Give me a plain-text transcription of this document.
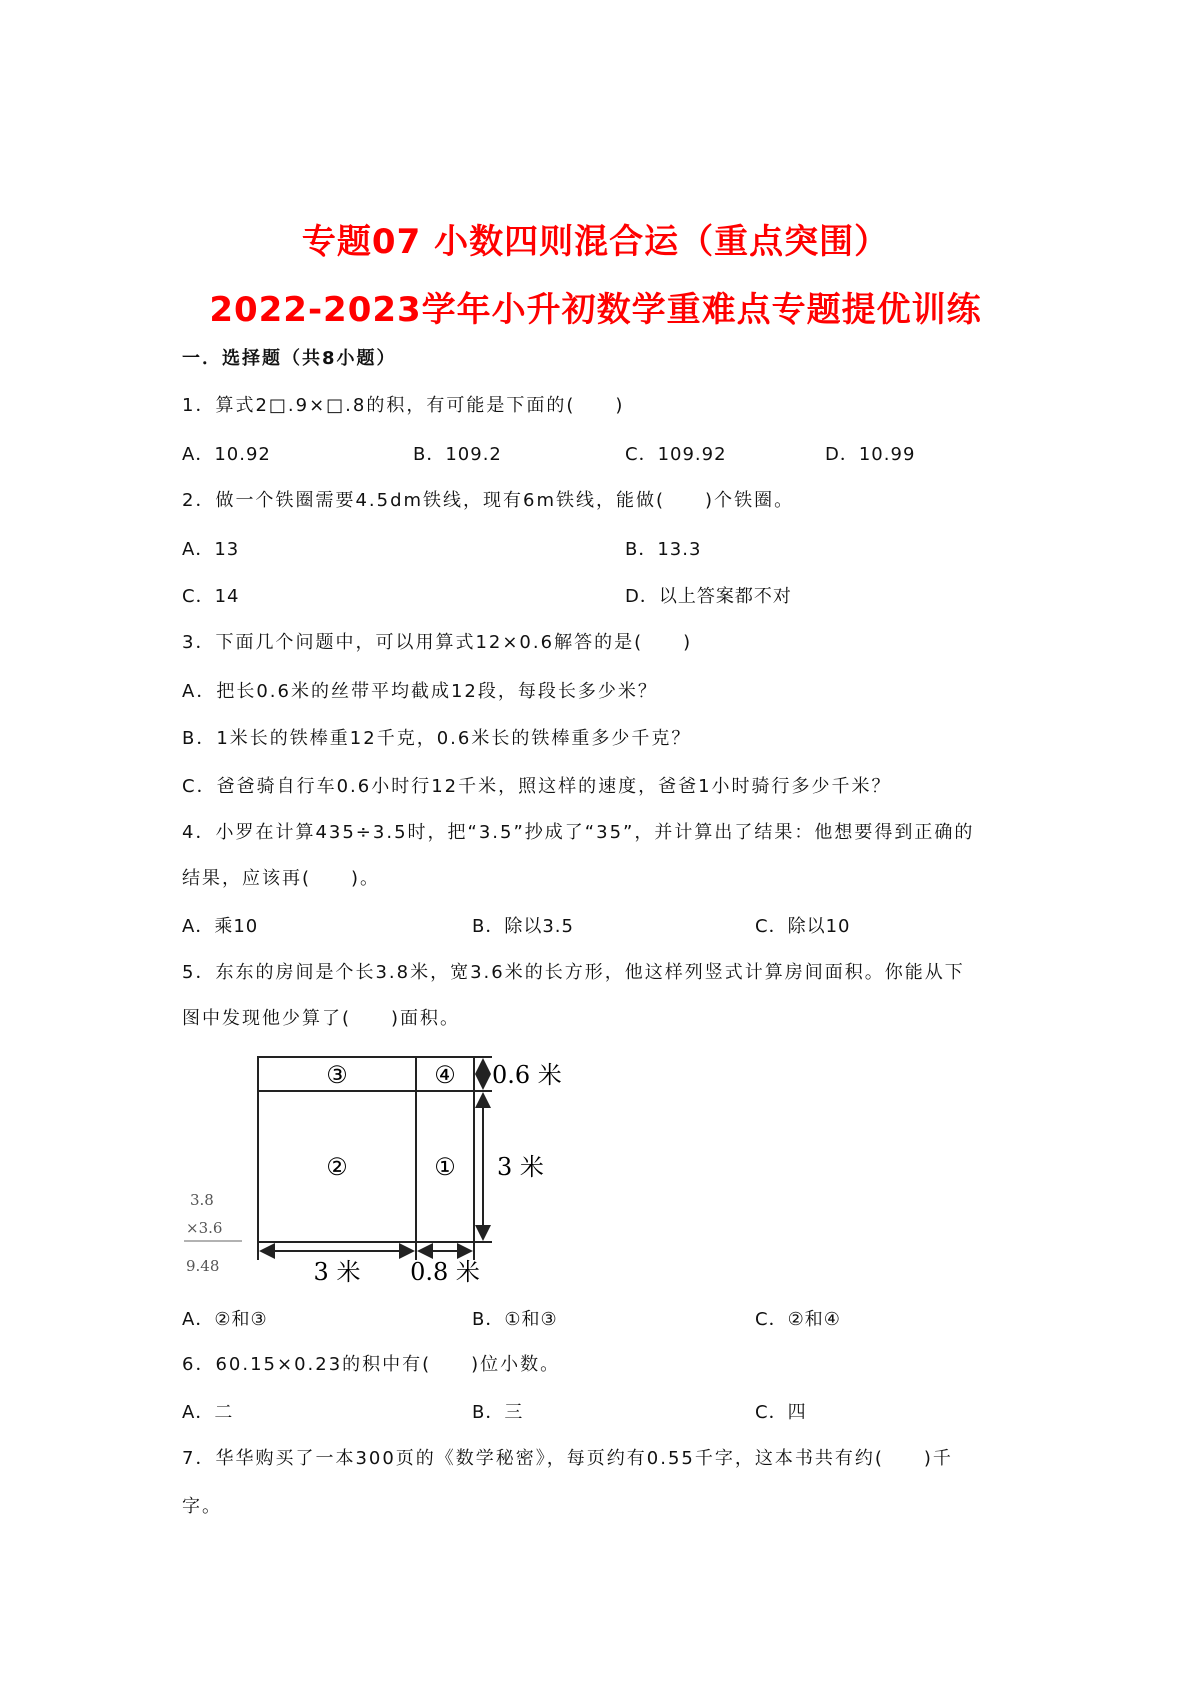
专题07 小数四则混合运（重点突围）
2022-2023学年小升初数学重难点专题提优训练
一．选择题（共8小题）
1．算式2□.9×□.8的积，有可能是下面的(　　)
A．10.92	B．109.2	C．109.92	D．10.99
2．做一个铁圈需要4.5dm铁线，现有6m铁线，能做(　　)个铁圈。
A．13	B．13.3
C．14	D．以上答案都不对
3．下面几个问题中，可以用算式12×0.6解答的是(　　)
A．把长0.6米的丝带平均截成12段，每段长多少米？
B．1米长的铁棒重12千克，0.6米长的铁棒重多少千克？
C．爸爸骑自行车0.6小时行12千米，照这样的速度，爸爸1小时骑行多少千米？
4．小罗在计算435÷3.5时，把“3.5”抄成了“35”，并计算出了结果：他想要得到正确的
结果，应该再(　　)。
A．乘10	B．除以3.5	C．除以10
5．东东的房间是个长3.8米，宽3.6米的长方形，他这样列竖式计算房间面积。你能从下
图中发现他少算了(　　)面积。
③	④
②	①
0.6 米
3 米
3 米 0.8 米
3.8
×3.6
9.48
A．②和③	B．①和③	C．②和④
6．60.15×0.23的积中有(　　)位小数。
A．二	B．三	C．四
7．华华购买了一本300页的《数学秘密》，每页约有0.55千字，这本书共有约(　　)千
字。
